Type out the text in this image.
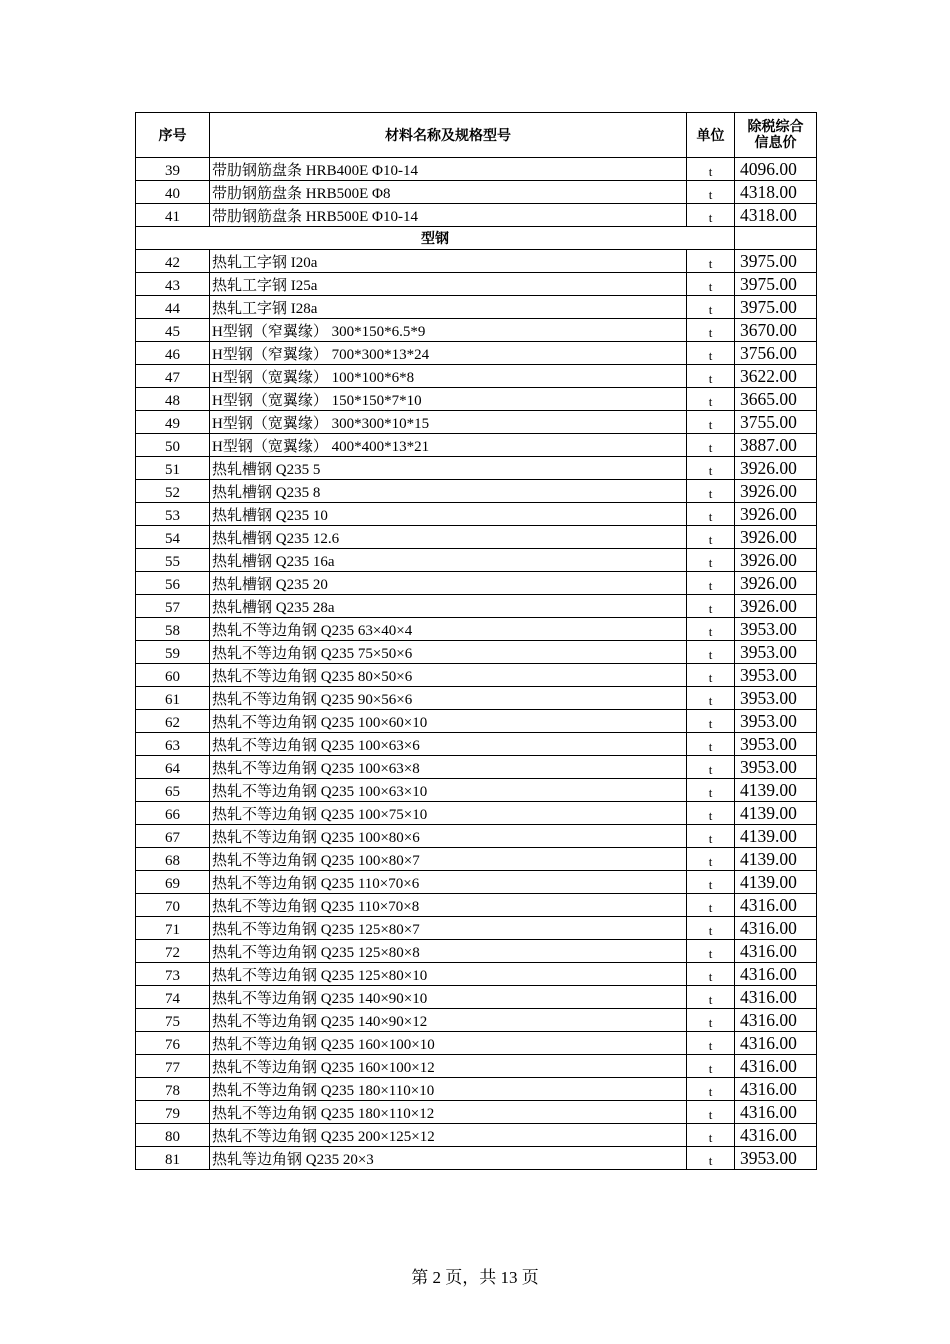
序号	材料名称及规格型号	单位	除税综合
信息价
39	带肋钢筋盘条 HRB400E Φ10-14	t	4096.00
40	带肋钢筋盘条 HRB500E Φ8	t	4318.00
41	带肋钢筋盘条 HRB500E Φ10-14	t	4318.00
型钢			
42	热轧工字钢 I20a	t	3975.00
43	热轧工字钢 I25a	t	3975.00
44	热轧工字钢 I28a	t	3975.00
45	H型钢（窄翼缘） 300*150*6.5*9	t	3670.00
46	H型钢（窄翼缘） 700*300*13*24	t	3756.00
47	H型钢（宽翼缘） 100*100*6*8	t	3622.00
48	H型钢（宽翼缘） 150*150*7*10	t	3665.00
49	H型钢（宽翼缘） 300*300*10*15	t	3755.00
50	H型钢（宽翼缘） 400*400*13*21	t	3887.00
51	热轧槽钢 Q235 5	t	3926.00
52	热轧槽钢 Q235 8	t	3926.00
53	热轧槽钢 Q235 10	t	3926.00
54	热轧槽钢 Q235 12.6	t	3926.00
55	热轧槽钢 Q235 16a	t	3926.00
56	热轧槽钢 Q235 20	t	3926.00
57	热轧槽钢 Q235 28a	t	3926.00
58	热轧不等边角钢 Q235 63×40×4	t	3953.00
59	热轧不等边角钢 Q235 75×50×6	t	3953.00
60	热轧不等边角钢 Q235 80×50×6	t	3953.00
61	热轧不等边角钢 Q235 90×56×6	t	3953.00
62	热轧不等边角钢 Q235 100×60×10	t	3953.00
63	热轧不等边角钢 Q235 100×63×6	t	3953.00
64	热轧不等边角钢 Q235 100×63×8	t	3953.00
65	热轧不等边角钢 Q235 100×63×10	t	4139.00
66	热轧不等边角钢 Q235 100×75×10	t	4139.00
67	热轧不等边角钢 Q235 100×80×6	t	4139.00
68	热轧不等边角钢 Q235 100×80×7	t	4139.00
69	热轧不等边角钢 Q235 110×70×6	t	4139.00
70	热轧不等边角钢 Q235 110×70×8	t	4316.00
71	热轧不等边角钢 Q235 125×80×7	t	4316.00
72	热轧不等边角钢 Q235 125×80×8	t	4316.00
73	热轧不等边角钢 Q235 125×80×10	t	4316.00
74	热轧不等边角钢 Q235 140×90×10	t	4316.00
75	热轧不等边角钢 Q235 140×90×12	t	4316.00
76	热轧不等边角钢 Q235 160×100×10	t	4316.00
77	热轧不等边角钢 Q235 160×100×12	t	4316.00
78	热轧不等边角钢 Q235 180×110×10	t	4316.00
79	热轧不等边角钢 Q235 180×110×12	t	4316.00
80	热轧不等边角钢 Q235 200×125×12	t	4316.00
81	热轧等边角钢 Q235 20×3	t	3953.00
第 2 页，共 13 页
